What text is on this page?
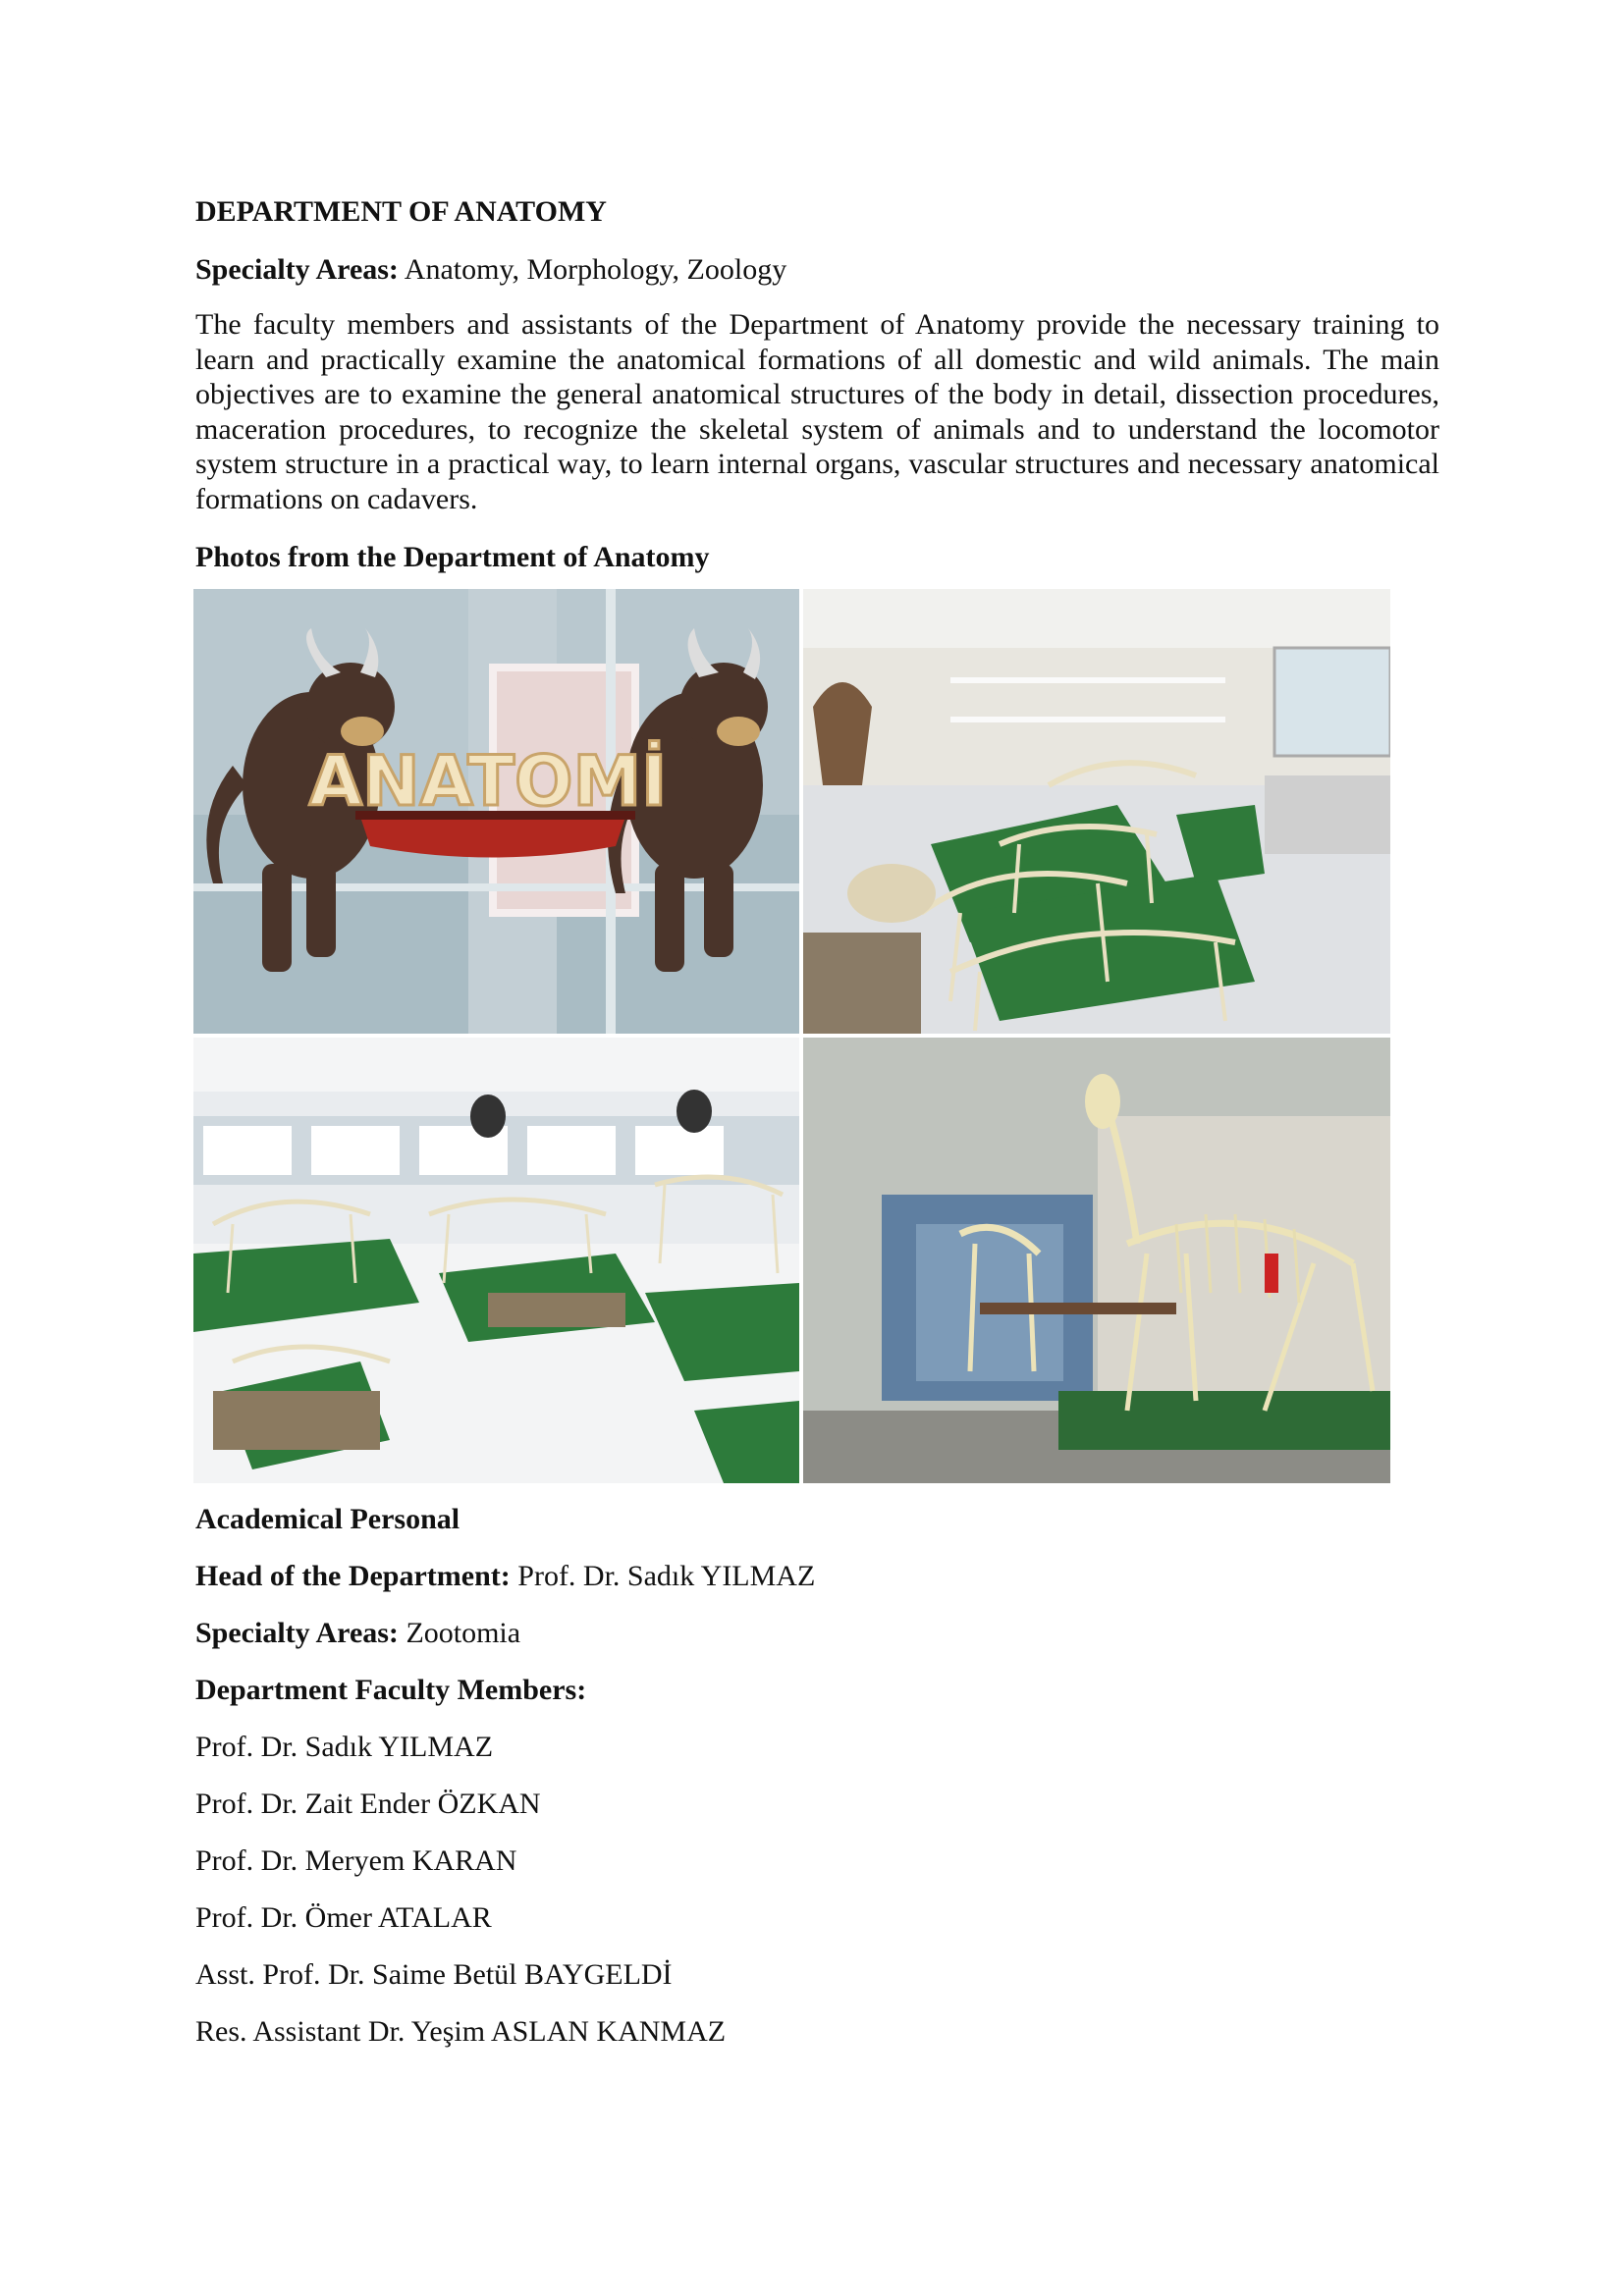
DEPARTMENT OF ANATOMY
Specialty Areas: Anatomy, Morphology, Zoology
The faculty members and assistants of the Department of Anatomy provide the necessary training to learn and practically examine the anatomical formations of all domestic and wild animals. The main objectives are to examine the general anatomical structures of the body in detail, dissection procedures, maceration procedures, to recognize the skeletal system of animals and to understand the locomotor system structure in a practical way, to learn internal organs, vascular structures and necessary anatomical formations on cadavers.
Photos from the Department of Anatomy
ANATOMİ
Academical Personal
Head of the Department: Prof. Dr. Sadık YILMAZ
Specialty Areas: Zootomia
Department Faculty Members:
Prof. Dr. Sadık YILMAZ
Prof. Dr. Zait Ender ÖZKAN
Prof. Dr. Meryem KARAN
Prof. Dr. Ömer ATALAR
Asst. Prof. Dr. Saime Betül BAYGELDİ
Res. Assistant Dr. Yeşim ASLAN KANMAZ
